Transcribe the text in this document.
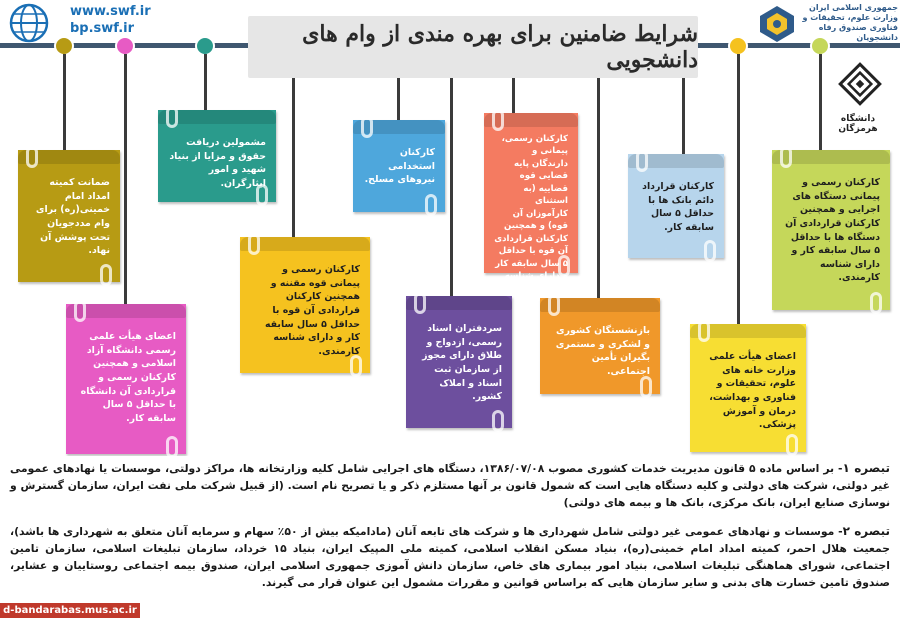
www.swf.ir
bp.swf.ir	شرایط ضامنین برای بهره مندی از وام های دانشجویی
جمهوری اسلامی ایران وزارت علوم، تحقیقات و فناوری صندوق رفاه دانشجویان
دانشگاه هرمزگان
ضمانت کمیته امداد امام خمینی(ره) برای وام مددجویان تحت پوشش آن نهاد.
اعضای هیأت علمی رسمی دانشگاه آزاد اسلامی و همچنین کارکنان رسمی و قراردادی آن دانشگاه با حداقل ۵ سال سابقه کار.
مشمولین دریافت حقوق و مزایا از بنیاد شهید و امور ایثارگران.
کارکنان رسمی و پیمانی قوه مقننه و همچنین کارکنان قراردادی آن قوه با حداقل ۵ سال سابقه کار و دارای شناسه کارمندی.
کارکنان استخدامی نیروهای مسلح.
سردفتران اسناد رسمی، ازدواج و طلاق دارای مجوز از سازمان ثبت اسناد و املاک کشور.
کارکنان رسمی، پیمانی و دارندگان پایه قضایی قوه قضاییه (به استثنای کارآموزان آن قوه) و همچنین کارکنان قراردادی آن قوه با حداقل ۵ سال سابقه کار و دارای شناسه کارمندی.
بازنشستگان کشوری و لشکری و مستمری بگیران تأمین اجتماعی.
کارکنان قرارداد دائم بانک ها با حداقل ۵ سال سابقه کار.
اعضای هیأت علمی وزارت خانه های علوم، تحقیقات و فناوری و بهداشت، درمان و آموزش پزشکی.
کارکنان رسمی و پیمانی دستگاه های اجرایی و همچنین کارکنان قراردادی آن دستگاه ها با حداقل ۵ سال سابقه کار و دارای شناسه کارمندی.

تبصره ۱- بر اساس ماده ۵ قانون مدیریت خدمات کشوری مصوب ۱۳۸۶/۰۷/۰۸، دستگاه های اجرایی شامل کلیه وزارتخانه ها، مراکز دولتی، موسسات یا نهادهای عمومی غیر دولتی، شرکت های دولتی و کلیه دستگاه هایی است که شمول قانون بر آنها مستلزم ذکر و یا تصریح نام است. (از قبیل شرکت ملی نفت ایران، سازمان گسترش و نوسازی صنایع ایران، بانک مرکزی، بانک ها و بیمه های دولتی)

تبصره ۲- موسسات و نهادهای عمومی غیر دولتی شامل شهرداری ها و شرکت های تابعه آنان (مادامیکه بیش از ۵۰٪ سهام و سرمایه آنان متعلق به شهرداری ها باشد)، جمعیت هلال احمر، کمیته امداد امام خمینی(ره)، بنیاد مسکن انقلاب اسلامی، کمیته ملی المپیک ایران، بنیاد ۱۵ خرداد، سازمان تبلیغات اسلامی، سازمان تامین اجتماعی، شورای هماهنگی تبلیغات اسلامی، بنیاد امور بیماری های خاص، سازمان دانش آموزی جمهوری اسلامی ایران، صندوق بیمه اجتماعی روستاییان و عشایر، صندوق تامین خسارت های بدنی و سایر سازمان هایی که براساس قوانین و مقررات مشمول این عنوان قرار می گیرند.

d-bandarabas.mus.ac.ir
